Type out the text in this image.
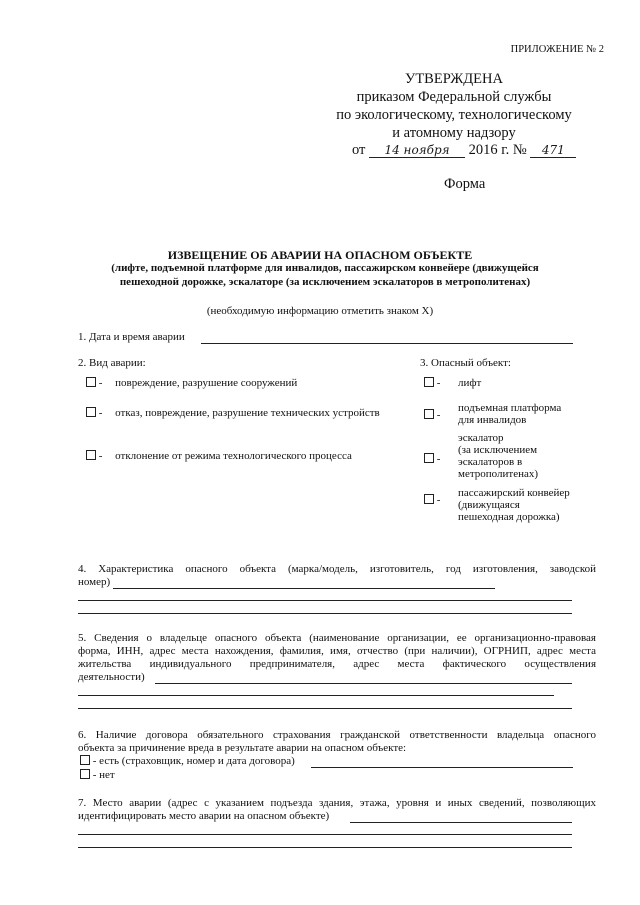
ПРИЛОЖЕНИЕ № 2
УТВЕРЖДЕНА
приказом Федеральной службы
по экологическому, технологическому
и атомному надзору
от 14 ноября 2016 г. № 471
Форма
ИЗВЕЩЕНИЕ ОБ АВАРИИ НА ОПАСНОМ ОБЪЕКТЕ
(лифте, подъемной платформе для инвалидов, пассажирском конвейере (движущейся
пешеходной дорожке, эскалаторе (за исключением эскалаторов в метрополитенах)
(необходимую информацию отметить знаком Х)
1. Дата и время аварии
2. Вид аварии:
- повреждение, разрушение сооружений
- отказ, повреждение, разрушение технических устройств
- отклонение от режима технологического процесса
3. Опасный объект:
- лифт
-
подъемная платформа
для инвалидов
-
эскалатор
(за исключением
эскалаторов в
метрополитенах)
-
пассажирский конвейер
(движущаяся
пешеходная дорожка)
4. Характеристика опасного объекта (марка/модель, изготовитель, год изготовления, заводской
номер)
5. Сведения о владельце опасного объекта (наименование организации, ее организационно-правовая
форма, ИНН, адрес места нахождения, фамилия, имя, отчество (при наличии), ОГРНИП, адрес места
жительства индивидуального предпринимателя, адрес места фактического осуществления
деятельности)
6. Наличие договора обязательного страхования гражданской ответственности владельца опасного
объекта за причинение вреда в результате аварии на опасном объекте:
- есть (страховщик, номер и дата договора)
- нет
7. Место аварии (адрес с указанием подъезда здания, этажа, уровня и иных сведений, позволяющих
идентифицировать место аварии на опасном объекте)
